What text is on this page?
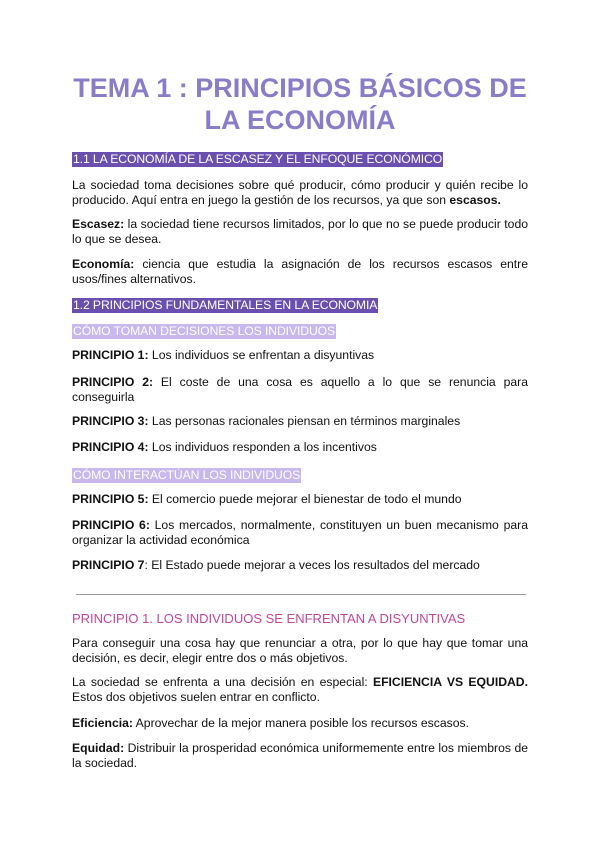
TEMA 1 : PRINCIPIOS BÁSICOS DE
LA ECONOMÍA
1.1 LA ECONOMÍA DE LA ESCASEZ Y EL ENFOQUE ECONÓMICO

La sociedad toma decisiones sobre qué producir, cómo producir y quién recibe lo producido. Aquí entra en juego la gestión de los recursos, ya que son escasos.

Escasez: la sociedad tiene recursos limitados, por lo que no se puede producir todo lo que se desea.

Economía: ciencia que estudia la asignación de los recursos escasos entre usos/fines alternativos.

1.2 PRINCIPIOS FUNDAMENTALES EN LA ECONOMIA
CÓMO TOMAN DECISIONES LOS INDIVIDUOS

PRINCIPIO 1: Los individuos se enfrentan a disyuntivas

PRINCIPIO 2: El coste de una cosa es aquello a lo que se renuncia para conseguirla

PRINCIPIO 3: Las personas racionales piensan en términos marginales

PRINCIPIO 4: Los individuos responden a los incentivos

CÓMO INTERACTÚAN LOS INDIVIDUOS

PRINCIPIO 5: El comercio puede mejorar el bienestar de todo el mundo

PRINCIPIO 6: Los mercados, normalmente, constituyen un buen mecanismo para organizar la actividad económica

PRINCIPIO 7: El Estado puede mejorar a veces los resultados del mercado

PRINCIPIO 1. LOS INDIVIDUOS SE ENFRENTAN A DISYUNTIVAS

Para conseguir una cosa hay que renunciar a otra, por lo que hay que tomar una decisión, es decir, elegir entre dos o más objetivos.

La sociedad se enfrenta a una decisión en especial: EFICIENCIA VS EQUIDAD. Estos dos objetivos suelen entrar en conflicto.

Eficiencia: Aprovechar de la mejor manera posible los recursos escasos.

Equidad: Distribuir la prosperidad económica uniformemente entre los miembros de la sociedad.
